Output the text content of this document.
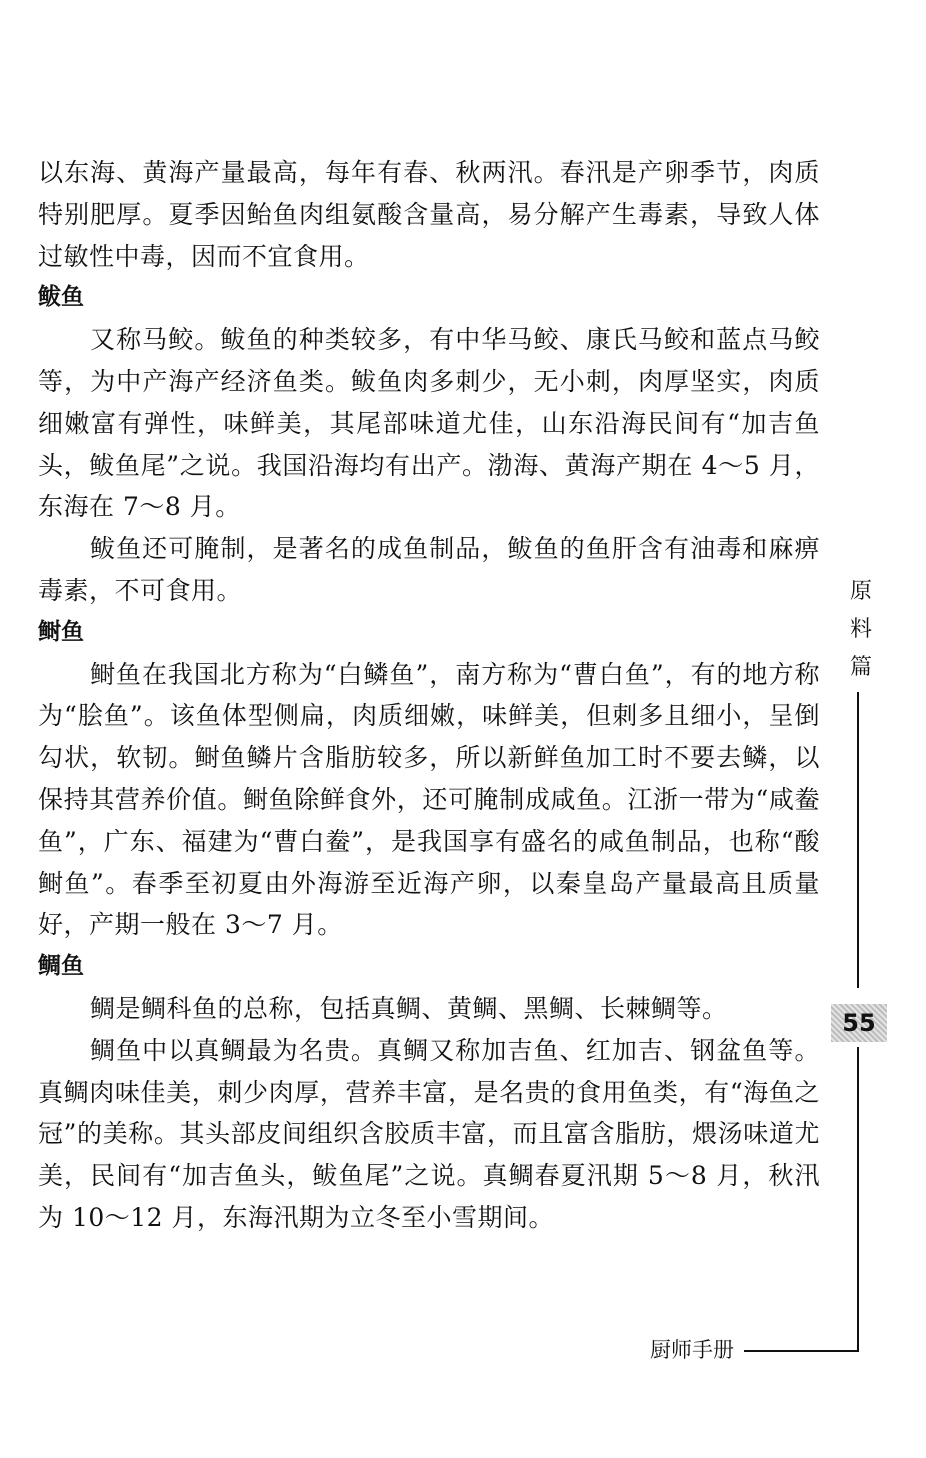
以东海、黄海产量最高，每年有春、秋两汛。春汛是产卵季节，肉质特别肥厚。夏季因鲐鱼肉组氨酸含量高，易分解产生毒素，导致人体过敏性中毒，因而不宜食用。

鲅鱼

又称马鲛。鲅鱼的种类较多，有中华马鲛、康氏马鲛和蓝点马鲛等，为中产海产经济鱼类。鲅鱼肉多刺少，无小刺，肉厚坚实，肉质细嫩富有弹性，味鲜美，其尾部味道尤佳，山东沿海民间有“加吉鱼头，鲅鱼尾”之说。我国沿海均有出产。渤海、黄海产期在 4～5 月，东海在 7～8 月。

鲅鱼还可腌制，是著名的成鱼制品，鲅鱼的鱼肝含有油毒和麻痹毒素，不可食用。

鲥鱼

鲥鱼在我国北方称为“白鳞鱼”，南方称为“曹白鱼”，有的地方称为“脍鱼”。该鱼体型侧扁，肉质细嫩，味鲜美，但刺多且细小，呈倒勾状，软韧。鲥鱼鳞片含脂肪较多，所以新鲜鱼加工时不要去鳞，以保持其营养价值。鲥鱼除鲜食外，还可腌制成咸鱼。江浙一带为“咸鲞鱼”，广东、福建为“曹白鲞”，是我国享有盛名的咸鱼制品，也称“酸鲥鱼”。春季至初夏由外海游至近海产卵，以秦皇岛产量最高且质量好，产期一般在 3～7 月。

鲷鱼

鲷是鲷科鱼的总称，包括真鲷、黄鲷、黑鲷、长棘鲷等。

鲷鱼中以真鲷最为名贵。真鲷又称加吉鱼、红加吉、钢盆鱼等。真鲷肉味佳美，刺少肉厚，营养丰富，是名贵的食用鱼类，有“海鱼之冠”的美称。其头部皮间组织含胶质丰富，而且富含脂肪，煨汤味道尤美，民间有“加吉鱼头，鲅鱼尾”之说。真鲷春夏汛期 5～8 月，秋汛为 10～12 月，东海汛期为立冬至小雪期间。

原
料
篇
55
厨师手册
